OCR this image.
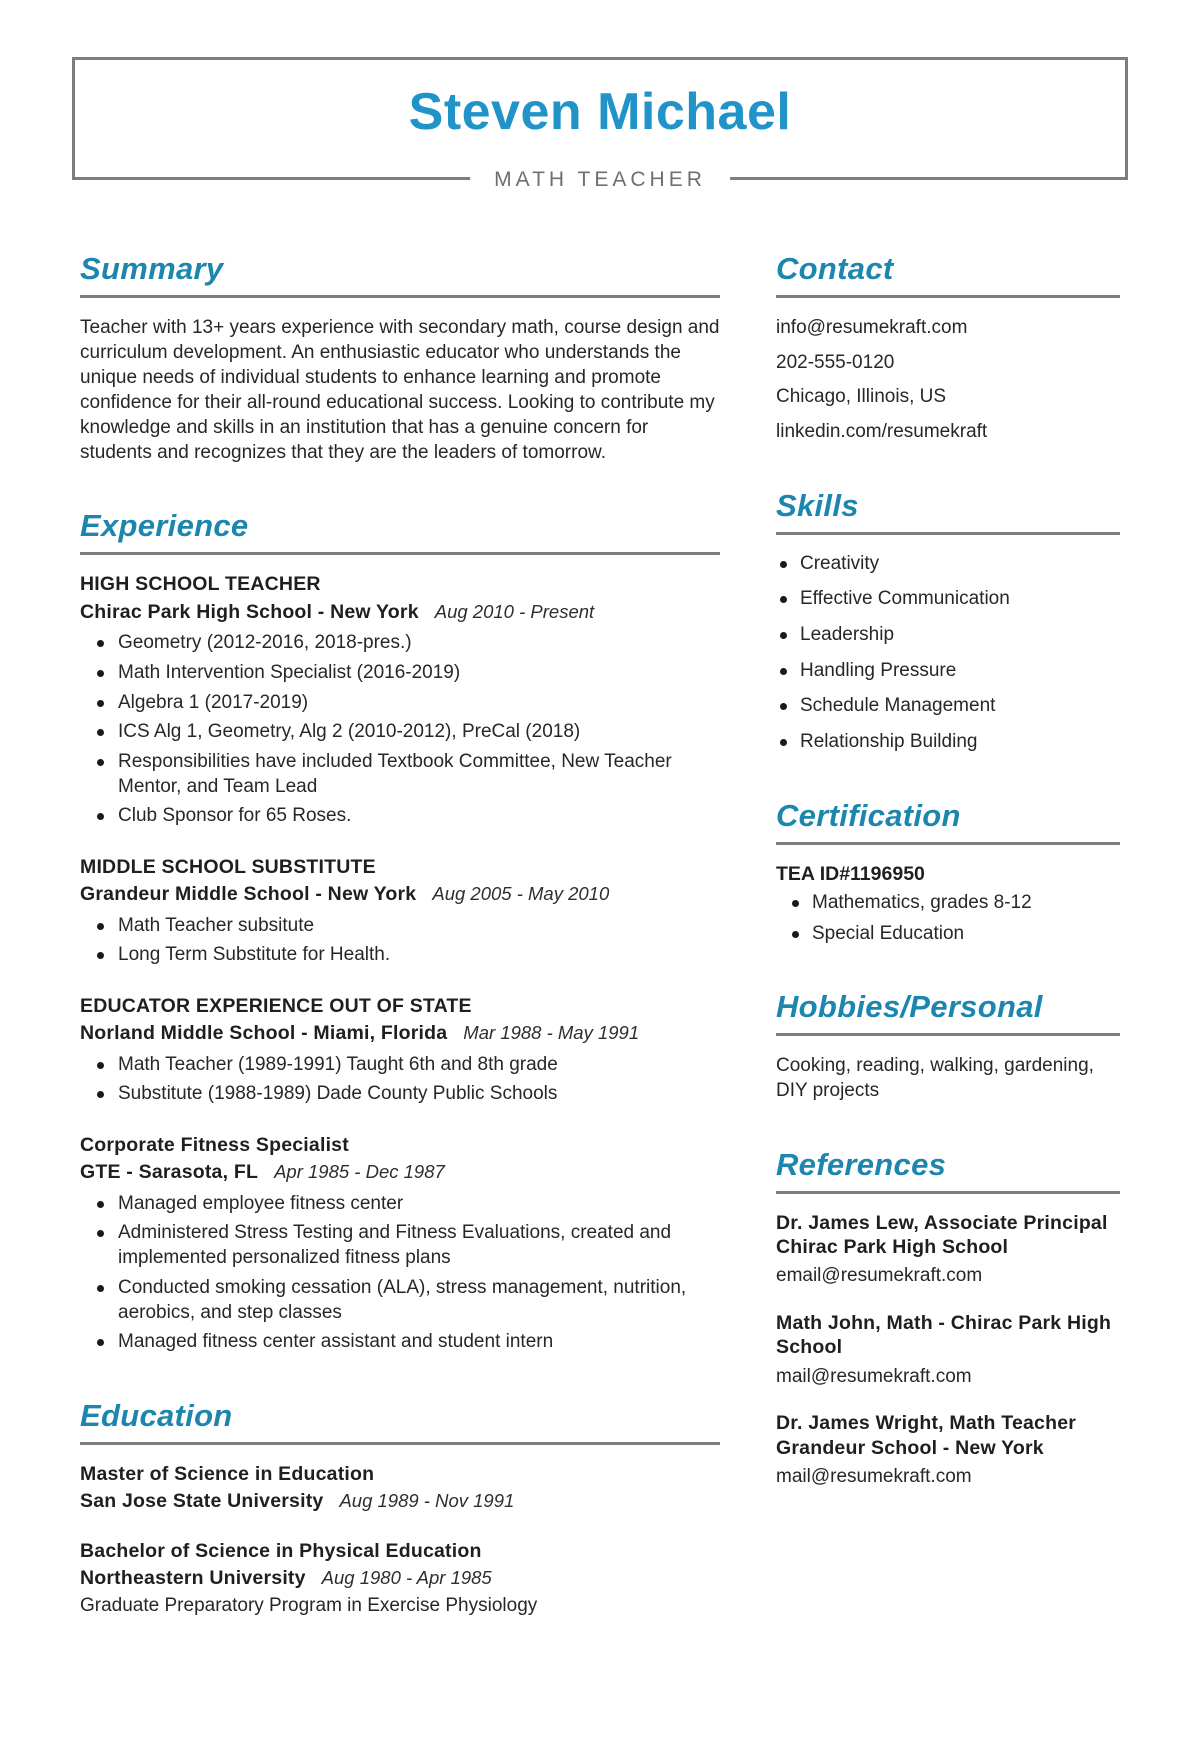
Steven Michael
MATH TEACHER
Summary

Teacher with 13+ years experience with secondary math, course design and curriculum development. An enthusiastic educator who understands the unique needs of individual students to enhance learning and promote confidence for their all-round educational success. Looking to contribute my knowledge and skills in an institution that has a genuine concern for students and recognizes that they are the leaders of tomorrow.

Experience
HIGH SCHOOL TEACHER
Chirac Park High School - New York Aug 2010 - Present
Geometry (2012-2016, 2018-pres.)
Math Intervention Specialist (2016-2019)
Algebra 1 (2017-2019)
ICS Alg 1, Geometry, Alg 2 (2010-2012), PreCal (2018)
Responsibilities have included Textbook Committee, New Teacher Mentor, and Team Lead
Club Sponsor for 65 Roses.
MIDDLE SCHOOL SUBSTITUTE
Grandeur Middle School - New York Aug 2005 - May 2010
Math Teacher subsitute
Long Term Substitute for Health.
EDUCATOR EXPERIENCE OUT OF STATE
Norland Middle School - Miami, Florida Mar 1988 - May 1991
Math Teacher (1989-1991) Taught 6th and 8th grade
Substitute (1988-1989) Dade County Public Schools
Corporate Fitness Specialist
GTE - Sarasota, FL Apr 1985 - Dec 1987
Managed employee fitness center
Administered Stress Testing and Fitness Evaluations, created and implemented personalized fitness plans
Conducted smoking cessation (ALA), stress management, nutrition, aerobics, and step classes
Managed fitness center assistant and student intern
Education
Master of Science in Education
San Jose State University Aug 1989 - Nov 1991
Bachelor of Science in Physical Education
Northeastern University Aug 1980 - Apr 1985
Graduate Preparatory Program in Exercise Physiology
Contact
info@resumekraft.com
202-555-0120
Chicago, Illinois, US
linkedin.com/resumekraft
Skills
Creativity
Effective Communication
Leadership
Handling Pressure
Schedule Management
Relationship Building
Certification
TEA ID#1196950
Mathematics, grades 8-12
Special Education
Hobbies/Personal

Cooking, reading, walking, gardening, DIY projects

References
Dr. James Lew, Associate Principal Chirac Park High School
email@resumekraft.com
Math John, Math - Chirac Park High School
mail@resumekraft.com
Dr. James Wright, Math Teacher Grandeur School - New York
mail@resumekraft.com
